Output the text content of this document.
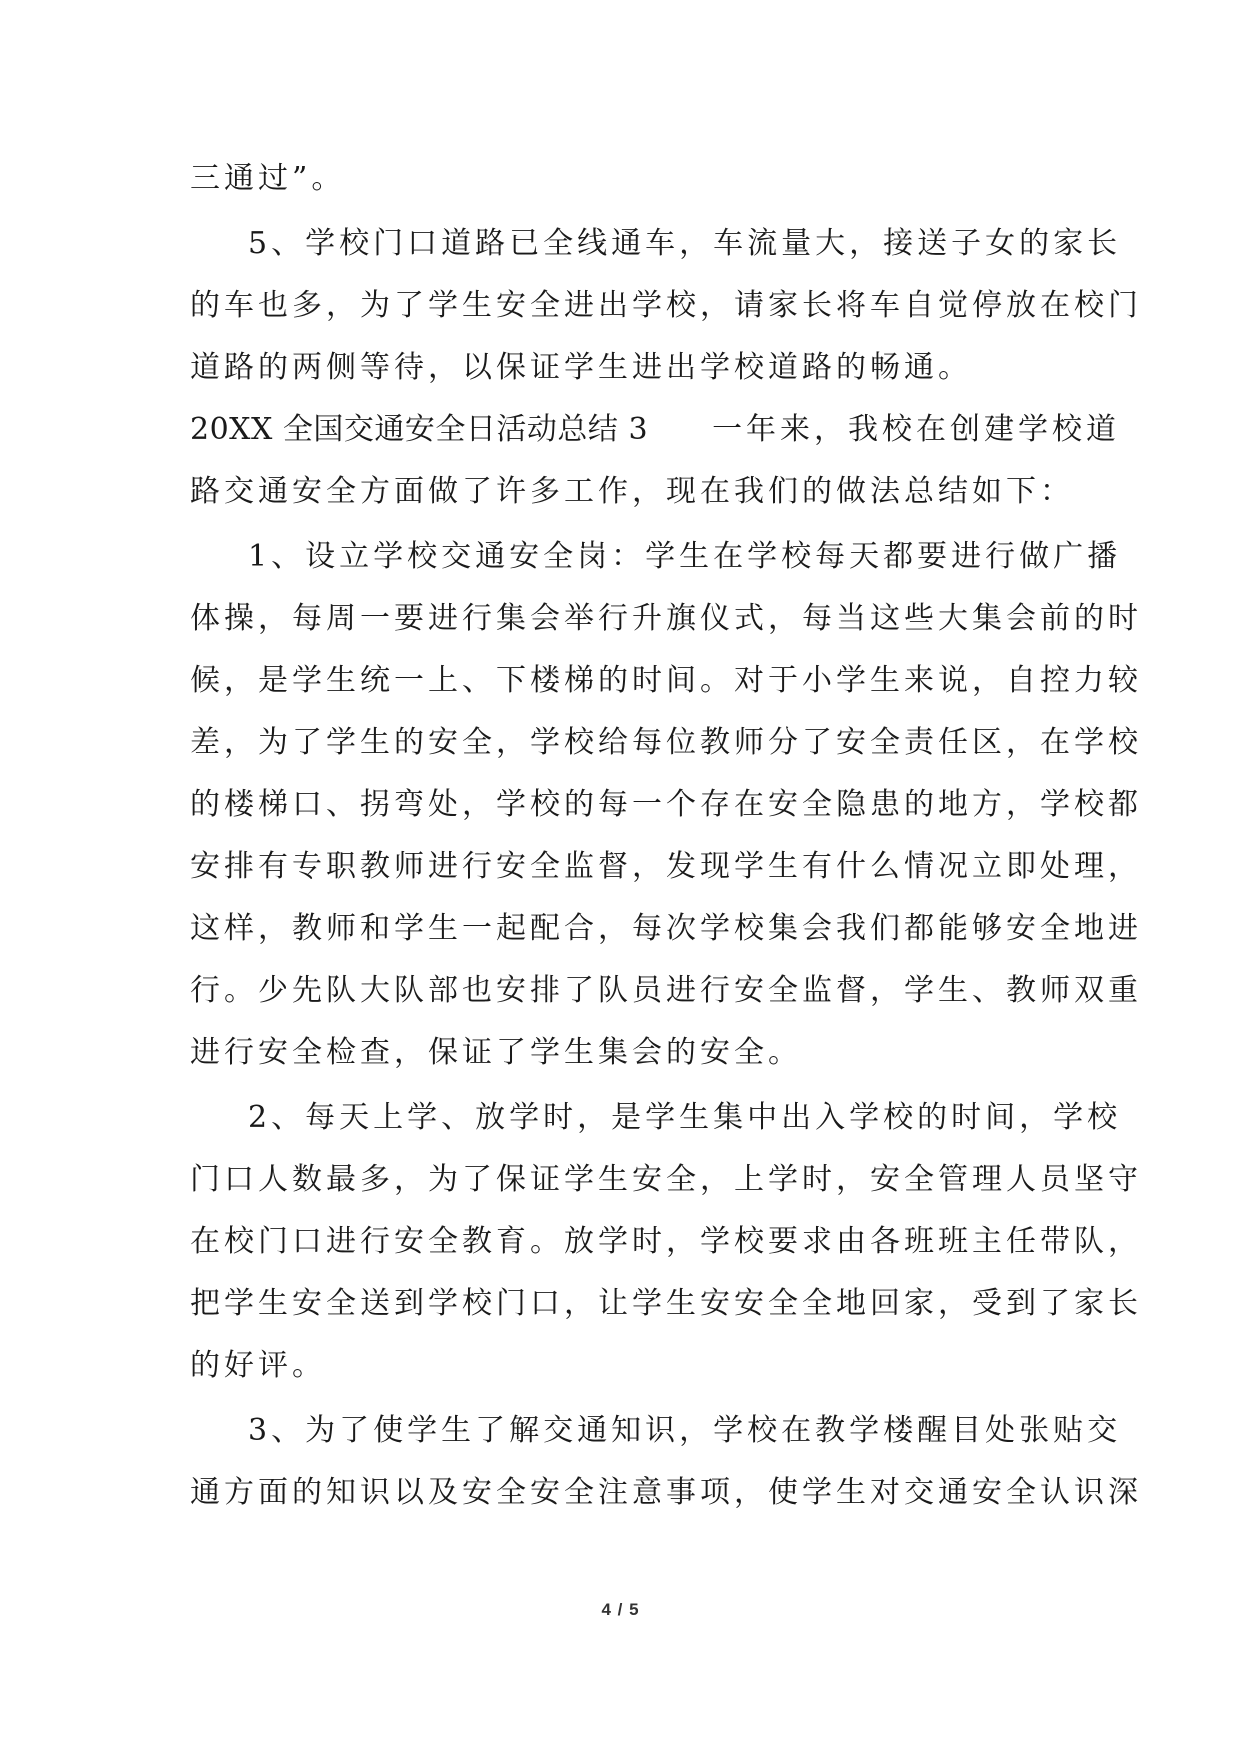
三通过”。
5、学校门口道路已全线通车，车流量大，接送子女的家长
的车也多，为了学生安全进出学校，请家长将车自觉停放在校门
道路的两侧等待，以保证学生进出学校道路的畅通。
20XX 全国交通安全日活动总结 3 一年来，我校在创建学校道
路交通安全方面做了许多工作，现在我们的做法总结如下：
1、设立学校交通安全岗：学生在学校每天都要进行做广播
体操，每周一要进行集会举行升旗仪式，每当这些大集会前的时
候，是学生统一上、下楼梯的时间。对于小学生来说，自控力较
差，为了学生的安全，学校给每位教师分了安全责任区，在学校
的楼梯口、拐弯处，学校的每一个存在安全隐患的地方，学校都
安排有专职教师进行安全监督，发现学生有什么情况立即处理，
这样，教师和学生一起配合，每次学校集会我们都能够安全地进
行。少先队大队部也安排了队员进行安全监督，学生、教师双重
进行安全检查，保证了学生集会的安全。
2、每天上学、放学时，是学生集中出入学校的时间，学校
门口人数最多，为了保证学生安全，上学时，安全管理人员坚守
在校门口进行安全教育。放学时，学校要求由各班班主任带队，
把学生安全送到学校门口，让学生安安全全地回家，受到了家长
的好评。
3、为了使学生了解交通知识，学校在教学楼醒目处张贴交
通方面的知识以及安全安全注意事项，使学生对交通安全认识深
4 / 5
